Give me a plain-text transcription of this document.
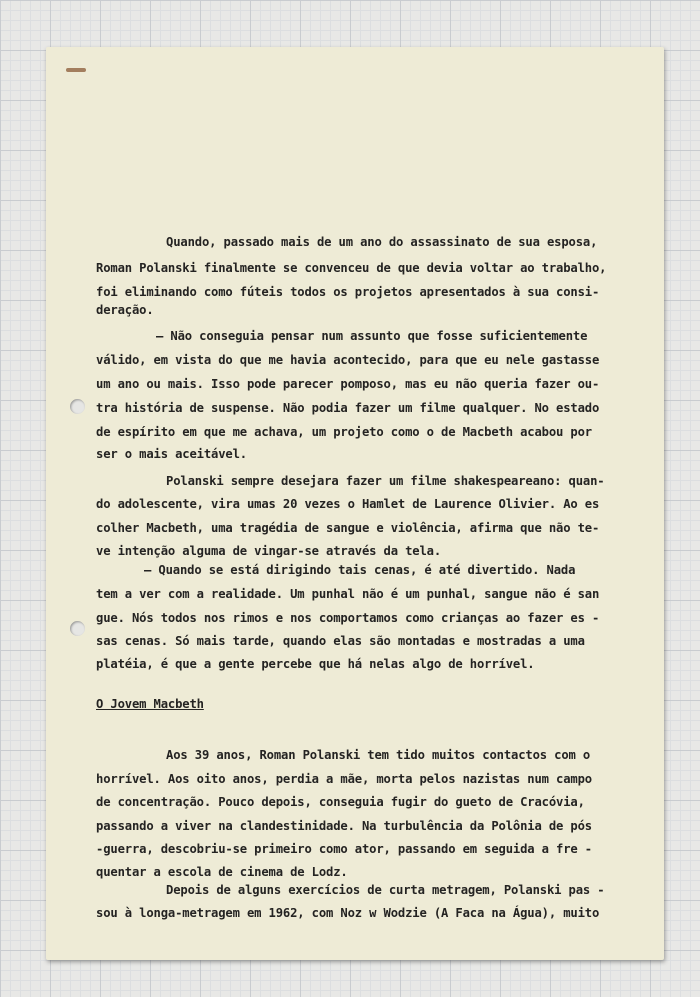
Quando, passado mais de um ano do assassinato de sua esposa,

Roman Polanski finalmente se convenceu de que devia voltar ao trabalho,

foi eliminando como fúteis todos os projetos apresentados à sua consi-

deração.

— Não conseguia pensar num assunto que fosse suficientemente

válido, em vista do que me havia acontecido, para que eu nele gastasse

um ano ou mais. Isso pode parecer pomposo, mas eu não queria fazer ou-

tra história de suspense. Não podia fazer um filme qualquer. No estado

de espírito em que me achava, um projeto como o de Macbeth acabou por

ser o mais aceitável.

Polanski sempre desejara fazer um filme shakespeareano: quan-

do adolescente, vira umas 20 vezes o Hamlet de Laurence Olivier. Ao es

colher Macbeth, uma tragédia de sangue e violência, afirma que não te-

ve intenção alguma de vingar-se através da tela.

— Quando se está dirigindo tais cenas, é até divertido. Nada

tem a ver com a realidade. Um punhal não é um punhal, sangue não é san

gue. Nós todos nos rimos e nos comportamos como crianças ao fazer es -

sas cenas. Só mais tarde, quando elas são montadas e mostradas a uma

platéia, é que a gente percebe que há nelas algo de horrível.

O Jovem Macbeth

Aos 39 anos, Roman Polanski tem tido muitos contactos com o

horrível. Aos oito anos, perdia a mãe, morta pelos nazistas num campo

de concentração. Pouco depois, conseguia fugir do gueto de Cracóvia,

passando a viver na clandestinidade. Na turbulência da Polônia de pós

-guerra, descobriu-se primeiro como ator, passando em seguida a fre -

quentar a escola de cinema de Lodz.

Depois de alguns exercícios de curta metragem, Polanski pas -

sou à longa-metragem em 1962, com Noz w Wodzie (A Faca na Água), muito
